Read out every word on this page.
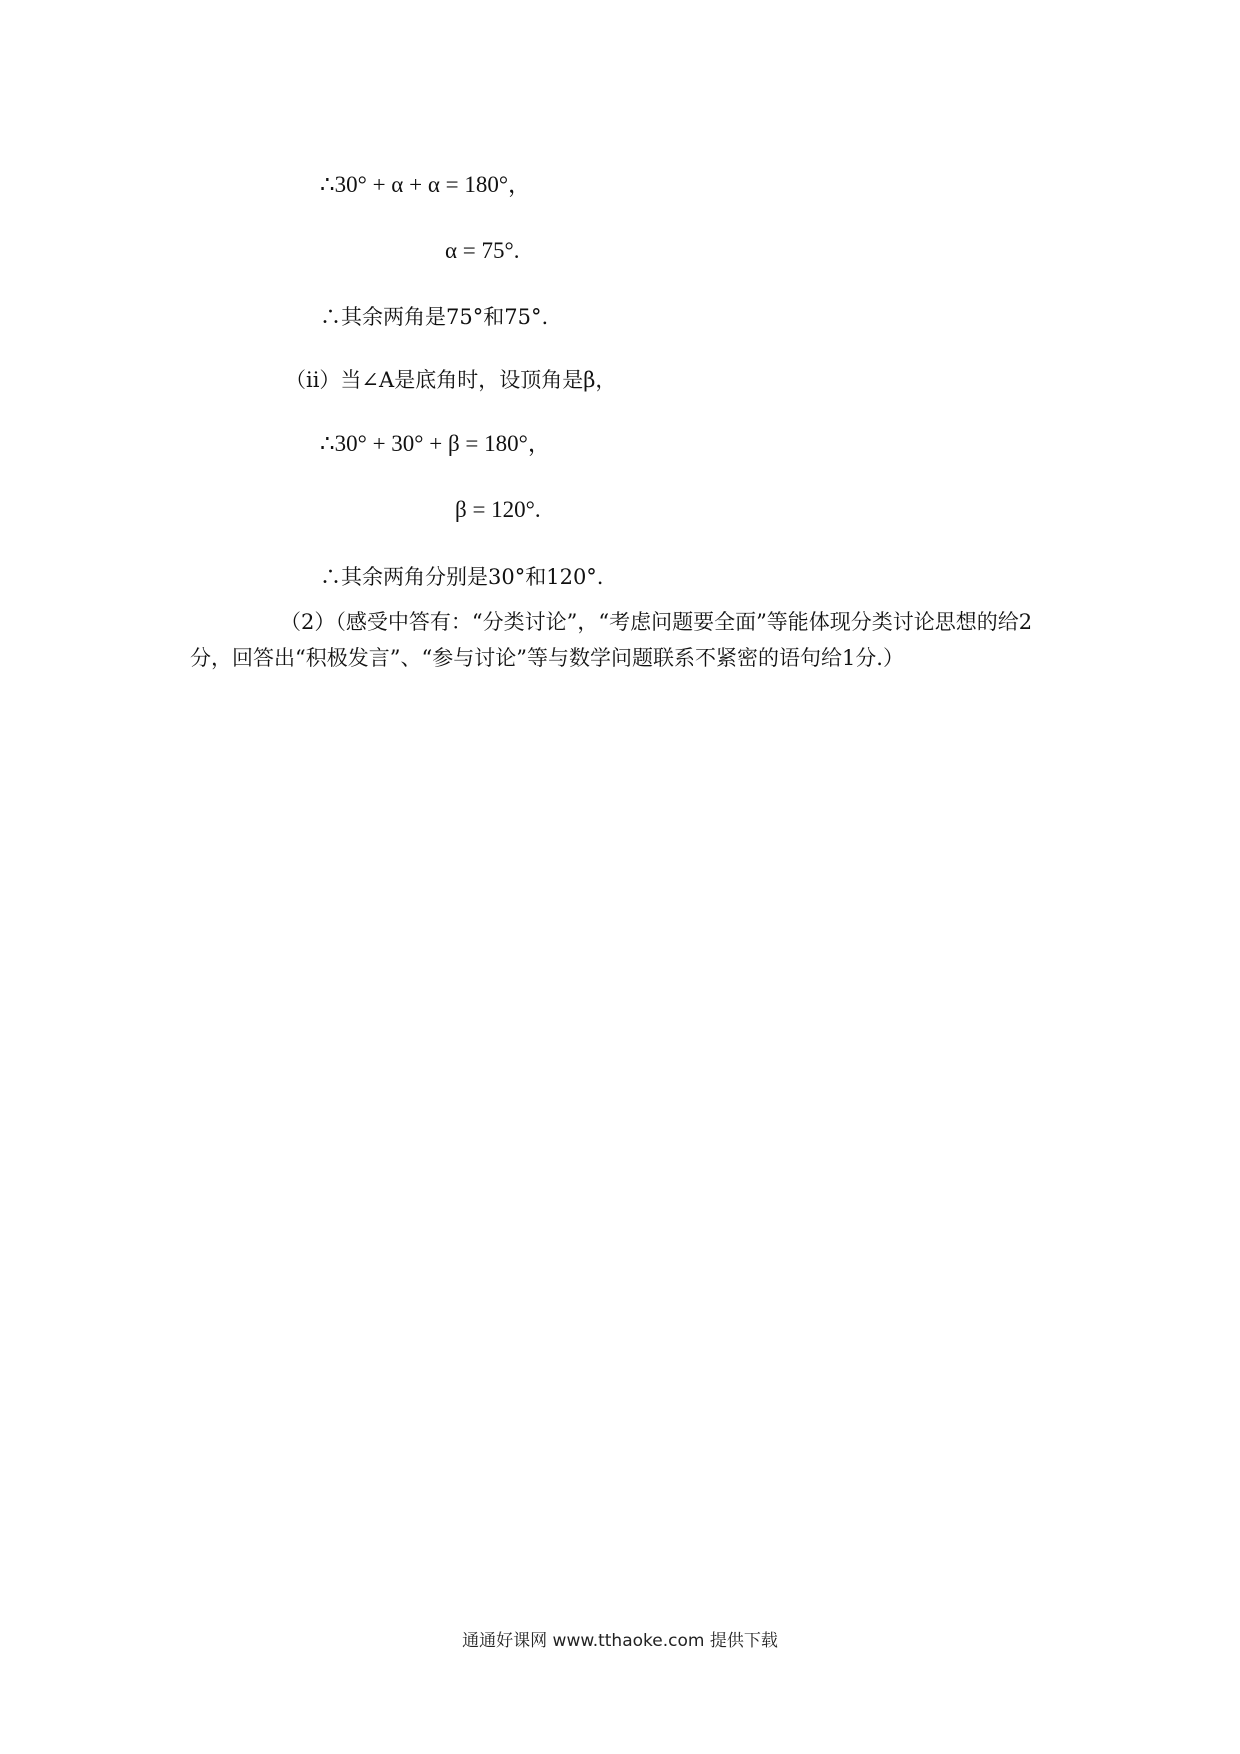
∴30° + α + α = 180°，
α = 75°.
∴其余两角是75°和75°.
（ii）当∠A是底角时，设顶角是β，
∴30° + 30° + β = 180°，
β = 120°.
∴其余两角分别是30°和120°.
（2）（感受中答有：“分类讨论”，“考虑问题要全面”等能体现分类讨论思想的给2分，回答出“积极发言”、“参与讨论”等与数学问题联系不紧密的语句给1分.）
通通好课网 www.tthaoke.com 提供下载
